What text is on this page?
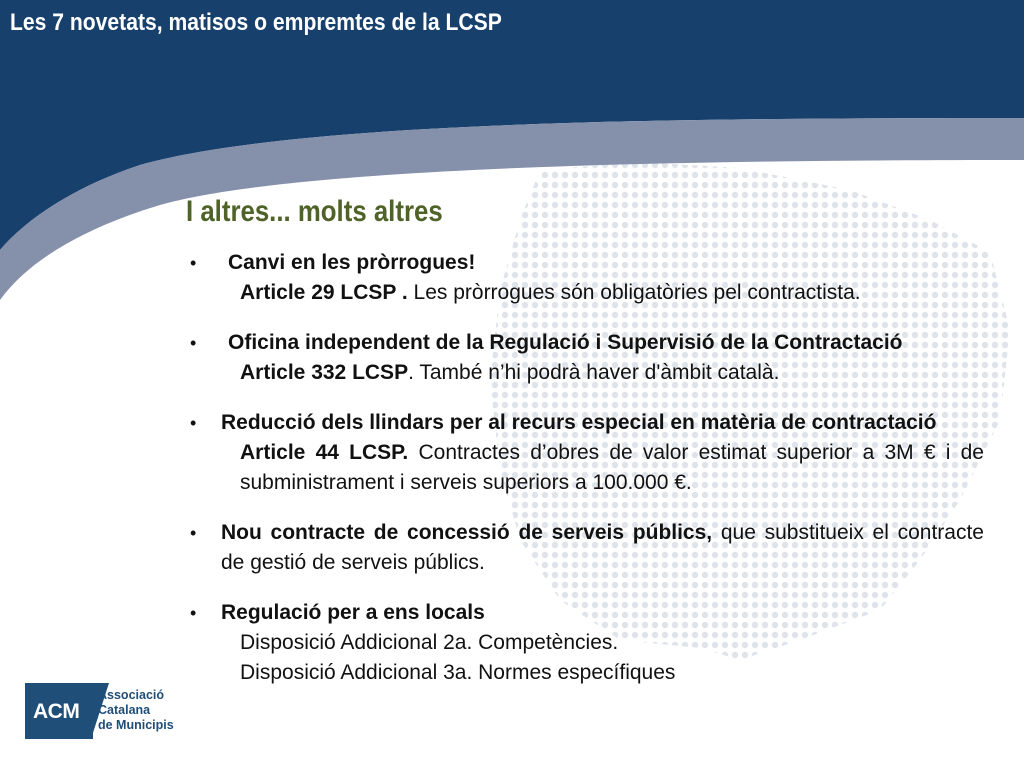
Les 7 novetats, matisos o empremtes de la LCSP
I altres... molts altres
•	Canvi en les pròrrogues!
Article 29 LCSP . Les pròrrogues són obligatòries pel contractista.
•	Oficina independent de la Regulació i Supervisió de la Contractació
Article 332 LCSP. També n’hi podrà haver d'àmbit català.
• Reducció dels llindars per al recurs especial en matèria de contractació
Article 44 LCSP. Contractes d’obres de valor estimat superior a 3M € i de subministrament i serveis superiors a 100.000 €.
• Nou contracte de concessió de serveis públics, que substitueix el contracte de gestió de serveis públics.
• Regulació per a ens locals
Disposició Addicional 2a. Competències.
Disposició Addicional 3a. Normes específiques
ACM
Associació
Catalana
de Municipis
